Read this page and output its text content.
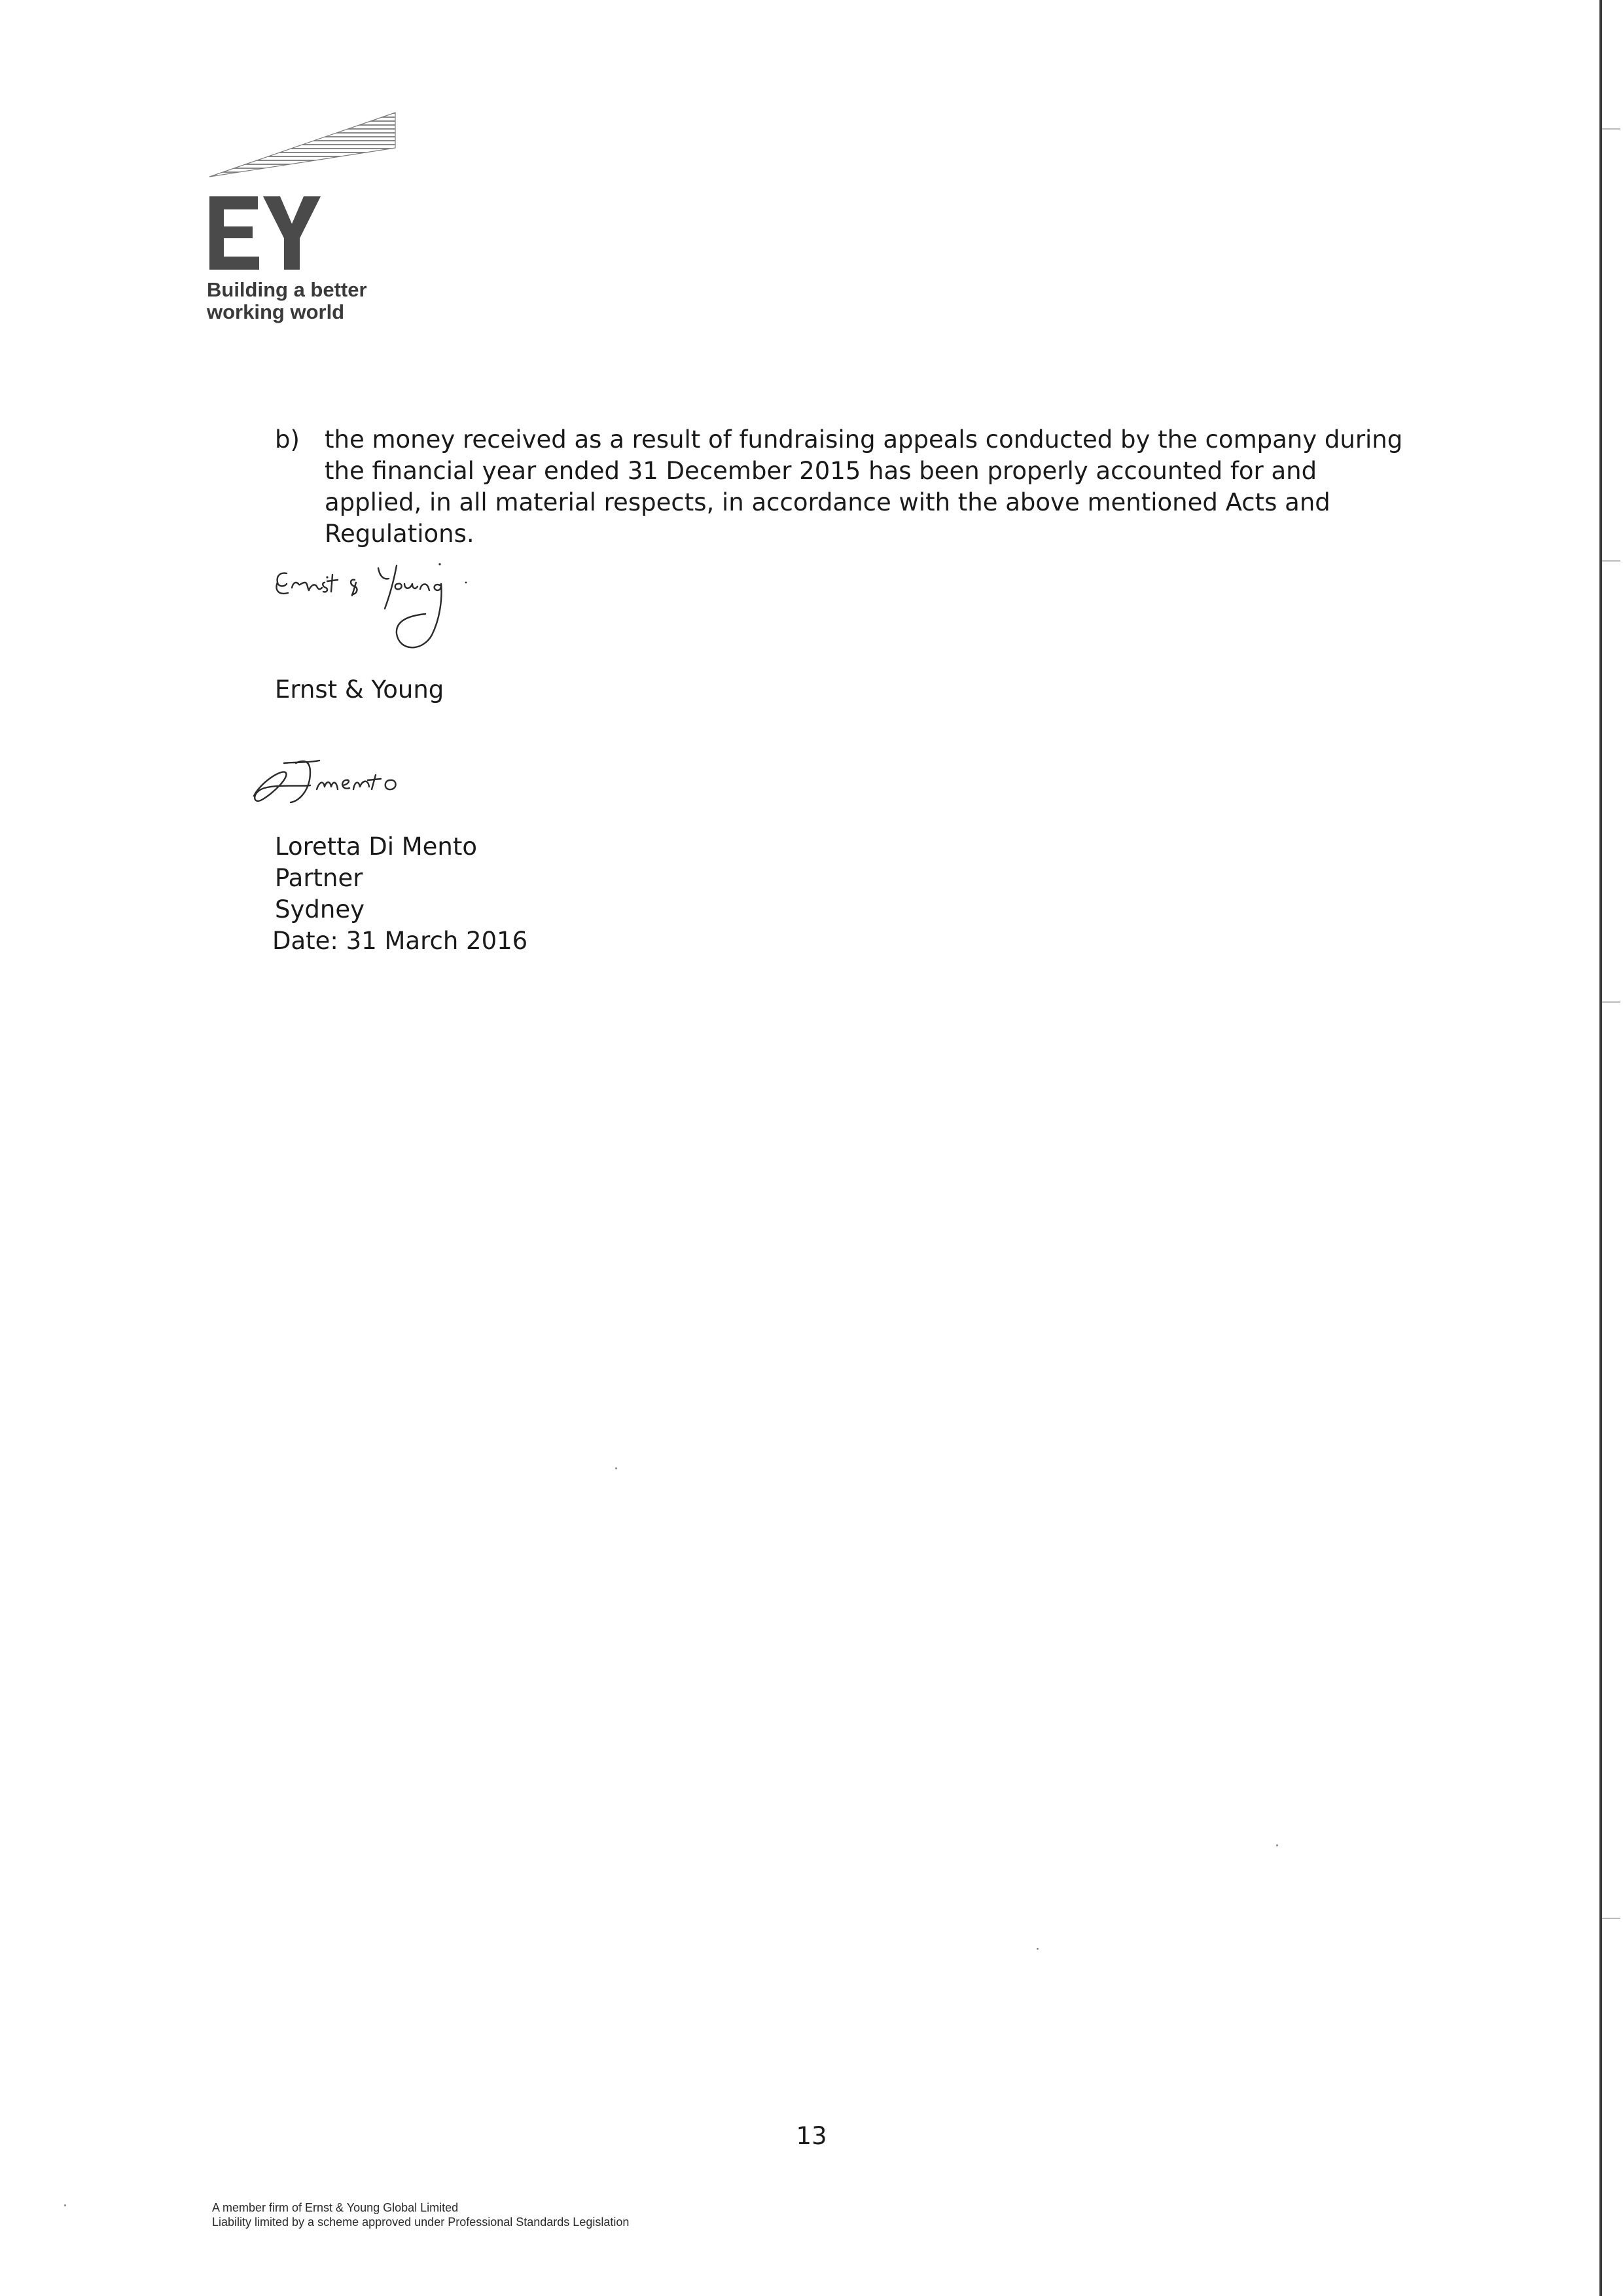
Building a better
working world
b) the money received as a result of fundraising appeals conducted by the company during the financial year ended 31 December 2015 has been properly accounted for and applied, in all material respects, in accordance with the above mentioned Acts and Regulations.
Ernst & Young
Loretta Di Mento
Partner
Sydney
Date: 31 March 2016
13
A member firm of Ernst & Young Global Limited
Liability limited by a scheme approved under Professional Standards Legislation
